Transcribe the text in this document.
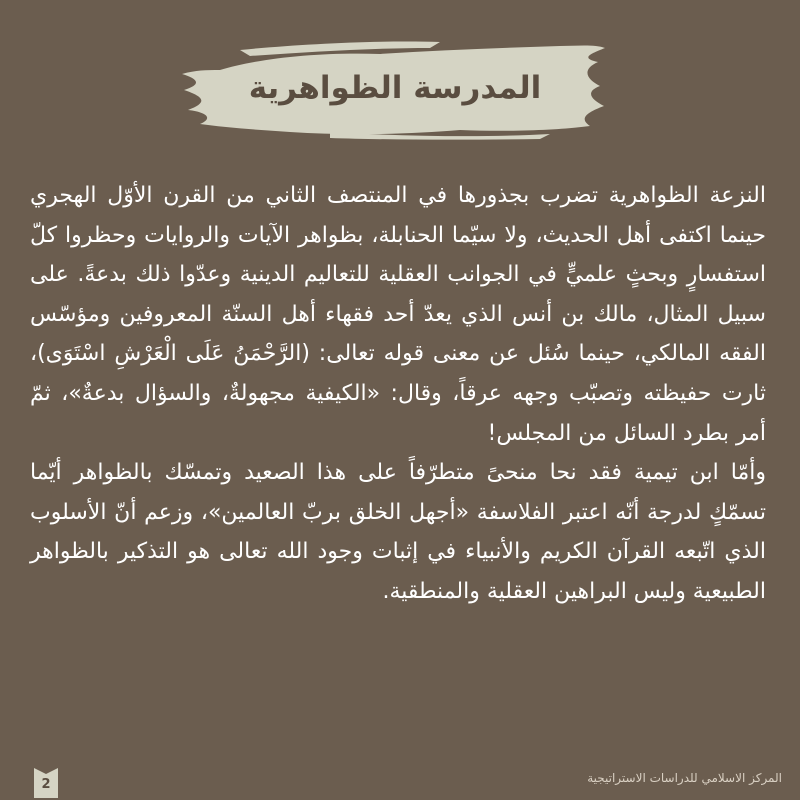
المدرسة الظواهرية

النزعة الظواهرية تضرب بجذورها في المنتصف الثاني من القرن الأوّل الهجري حينما اكتفى أهل الحديث، ولا سيّما الحنابلة، بظواهر الآيات والروايات وحظروا كلّ استفسارٍ وبحثٍ علميٍّ في الجوانب العقلية للتعاليم الدينية وعدّوا ذلك بدعةً. على سبيل المثال، مالك بن أنس الذي يعدّ أحد فقهاء أهل السنّة المعروفين ومؤسّس الفقه المالكي، حينما سُئل عن معنى قوله تعالى: (الرَّحْمَنُ عَلَى الْعَرْشِ اسْتَوَى)، ثارت حفيظته وتصبّب وجهه عرقاً، وقال: «الكيفية مجهولةٌ، والسؤال بدعةٌ»، ثمّ أمر بطرد السائل من المجلس!

وأمّا ابن تيمية فقد نحا منحىً متطرّفاً على هذا الصعيد وتمسّك بالظواهر أيّما تسمّكٍ لدرجة أنّه اعتبر الفلاسفة «أجهل الخلق بربّ العالمين»، وزعم أنّ الأسلوب الذي اتّبعه القرآن الكريم والأنبياء في إثبات وجود الله تعالى هو التذكير بالظواهر الطبيعية وليس البراهين العقلية والمنطقية.

2	المركز الاسلامي للدراسات الاستراتيجية
